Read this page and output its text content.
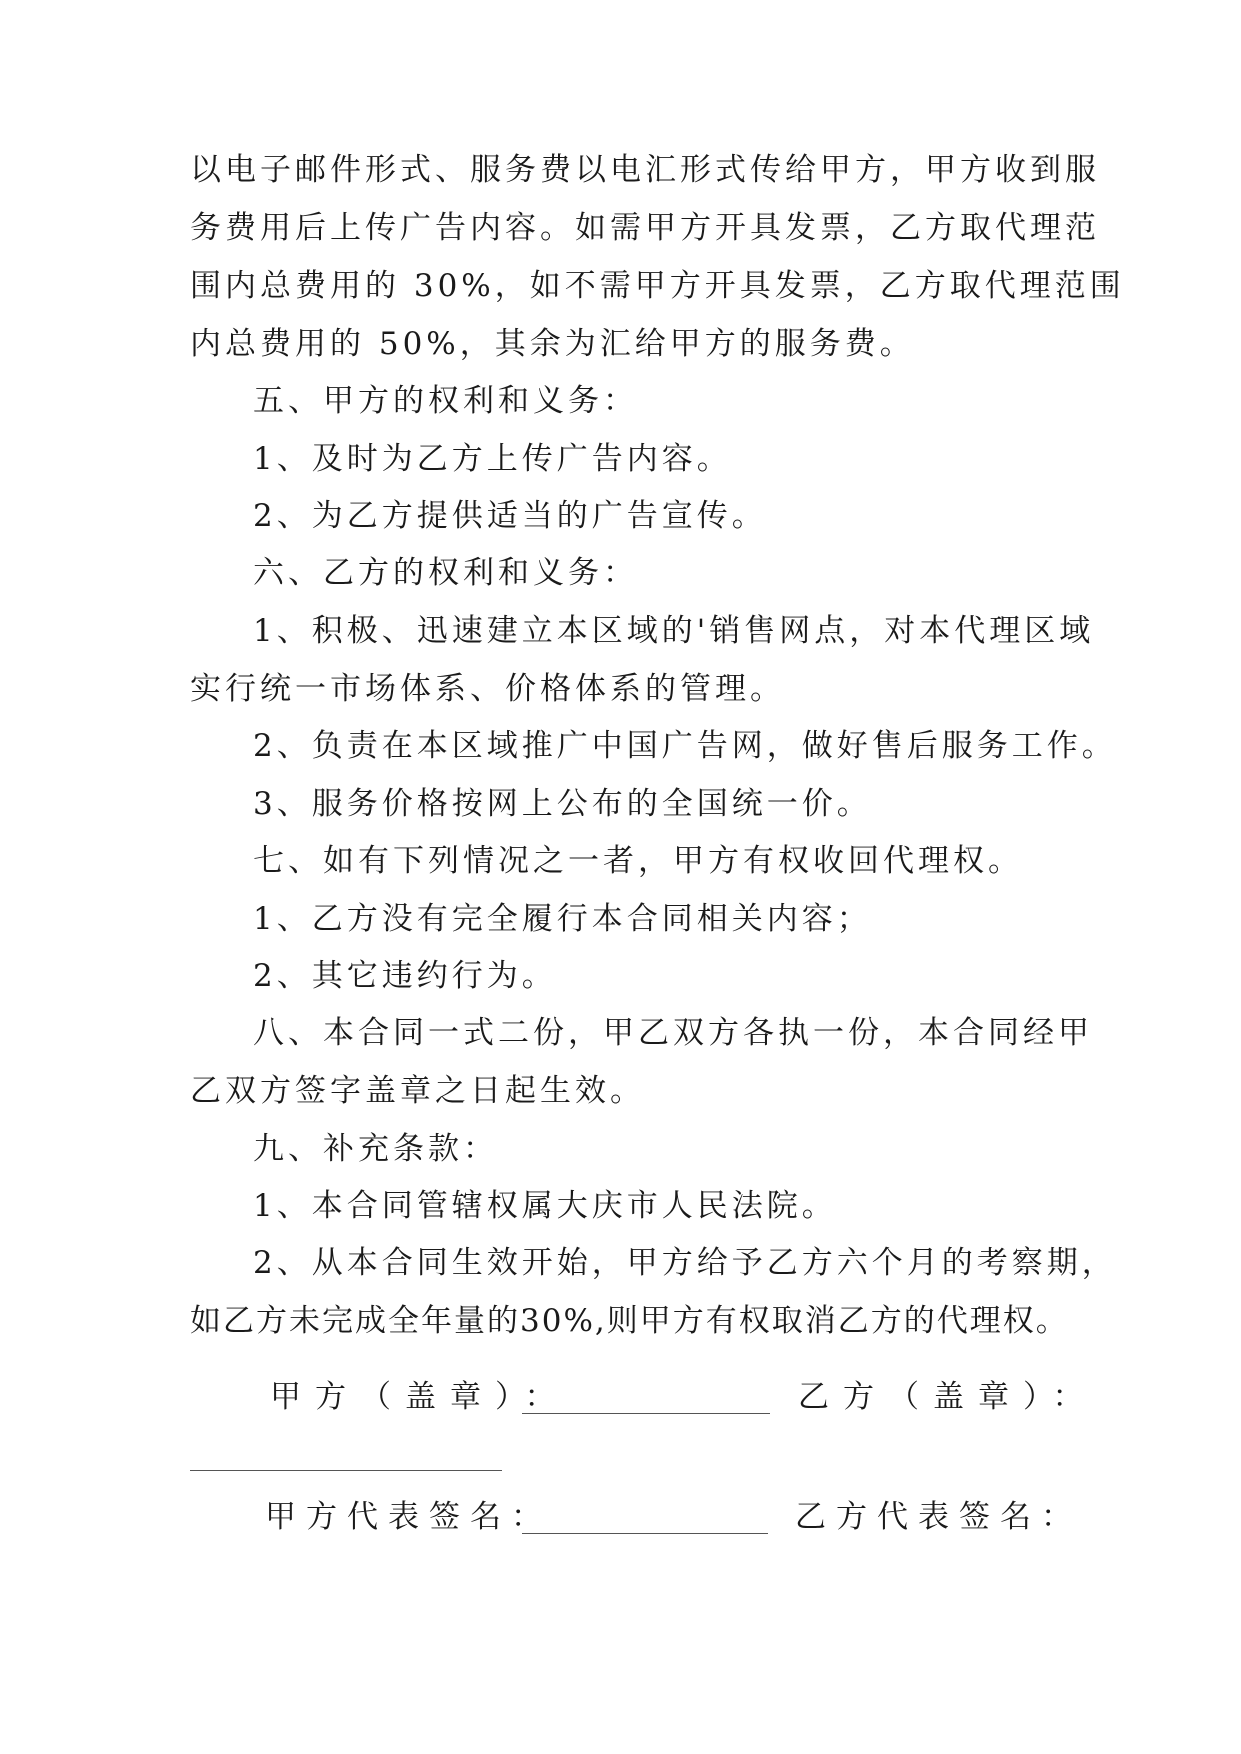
以电子邮件形式、服务费以电汇形式传给甲方，甲方收到服
务费用后上传广告内容。如需甲方开具发票，乙方取代理范
围内总费用的 30%，如不需甲方开具发票，乙方取代理范围
内总费用的 50%，其余为汇给甲方的服务费。
五、甲方的权利和义务：
1、及时为乙方上传广告内容。
2、为乙方提供适当的广告宣传。
六、乙方的权利和义务：
1、积极、迅速建立本区域的'销售网点，对本代理区域
实行统一市场体系、价格体系的管理。
2、负责在本区域推广中国广告网，做好售后服务工作。
3、服务价格按网上公布的全国统一价。
七、如有下列情况之一者，甲方有权收回代理权。
1、乙方没有完全履行本合同相关内容；
2、其它违约行为。
八、本合同一式二份，甲乙双方各执一份，本合同经甲
乙双方签字盖章之日起生效。
九、补充条款：
1、本合同管辖权属大庆市人民法院。
2、从本合同生效开始，甲方给予乙方六个月的考察期，
如乙方未完成全年量的30%,则甲方有权取消乙方的代理权。
甲方（盖章）：	乙方（盖章）：
甲方代表签名：	乙方代表签名：
